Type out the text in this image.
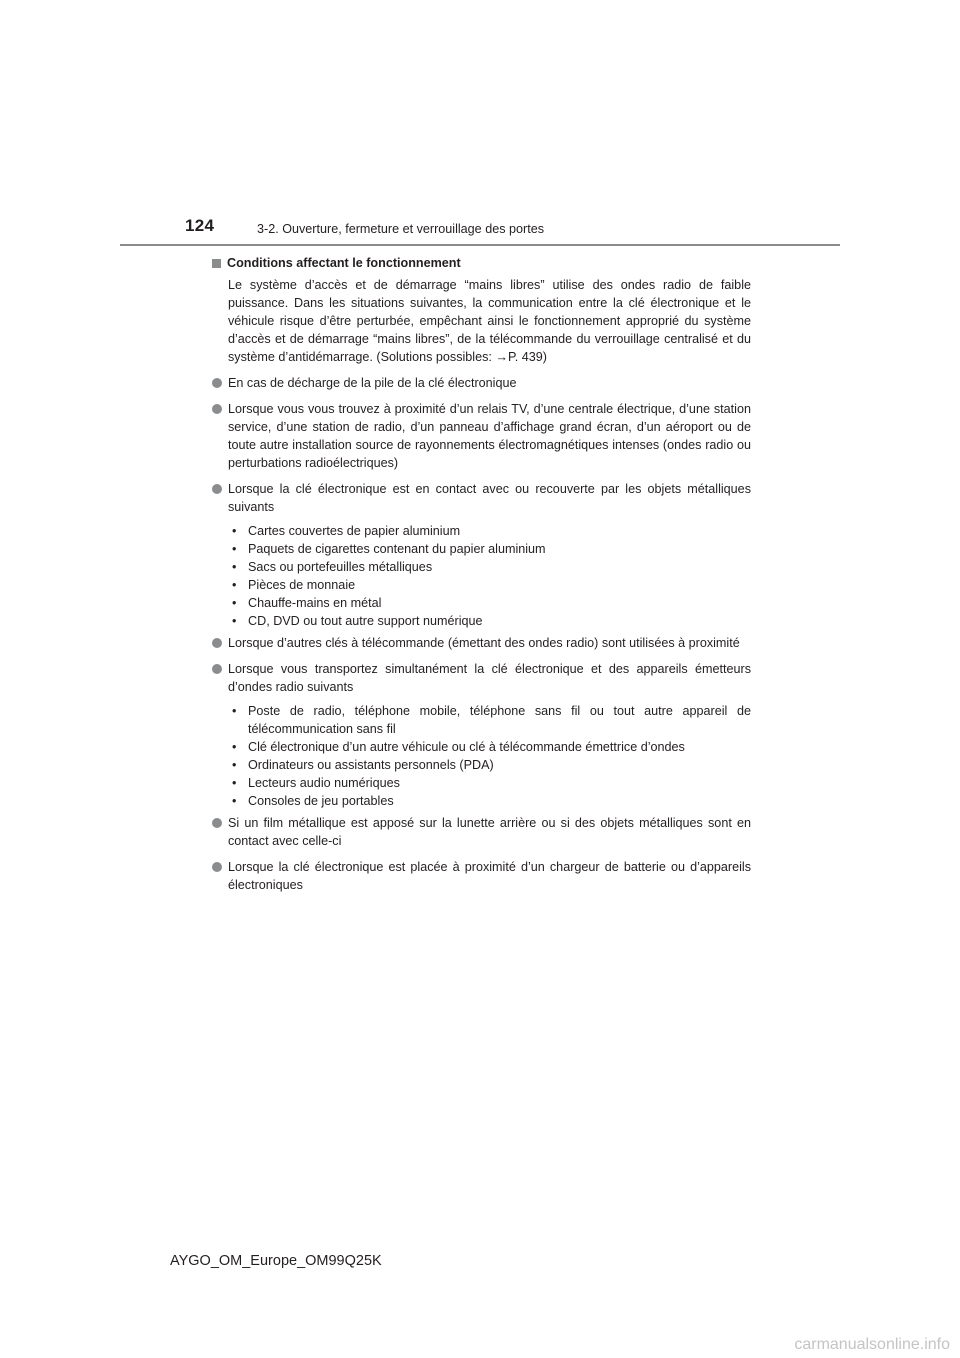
124	3-2. Ouverture, fermeture et verrouillage des portes
Conditions affectant le fonctionnement
Le système d’accès et de démarrage “mains libres” utilise des ondes radio de faible puissance. Dans les situations suivantes, la communication entre la clé électronique et le véhicule risque d’être perturbée, empêchant ainsi le fonctionnement approprié du système d’accès et de démarrage “mains libres”, de la télécommande du verrouillage centralisé et du système d’antidémarrage. (Solutions possibles: →P. 439)
En cas de décharge de la pile de la clé électronique
Lorsque vous vous trouvez à proximité d’un relais TV, d’une centrale électrique, d’une station service, d’une station de radio, d’un panneau d’affichage grand écran, d’un aéroport ou de toute autre installation source de rayonnements électromagnétiques intenses (ondes radio ou perturbations radioélectriques)
Lorsque la clé électronique est en contact avec ou recouverte par les objets métalliques suivants
• Cartes couvertes de papier aluminium
• Paquets de cigarettes contenant du papier aluminium
• Sacs ou portefeuilles métalliques
• Pièces de monnaie
• Chauffe-mains en métal
• CD, DVD ou tout autre support numérique
Lorsque d’autres clés à télécommande (émettant des ondes radio) sont utilisées à proximité
Lorsque vous transportez simultanément la clé électronique et des appareils émetteurs d’ondes radio suivants
• Poste de radio, téléphone mobile, téléphone sans fil ou tout autre appareil de télécommunication sans fil
• Clé électronique d’un autre véhicule ou clé à télécommande émettrice d’ondes
• Ordinateurs ou assistants personnels (PDA)
• Lecteurs audio numériques
• Consoles de jeu portables
Si un film métallique est apposé sur la lunette arrière ou si des objets métalliques sont en contact avec celle-ci
Lorsque la clé électronique est placée à proximité d’un chargeur de batterie ou d’appareils électroniques
AYGO_OM_Europe_OM99Q25K
carmanualsonline.info
